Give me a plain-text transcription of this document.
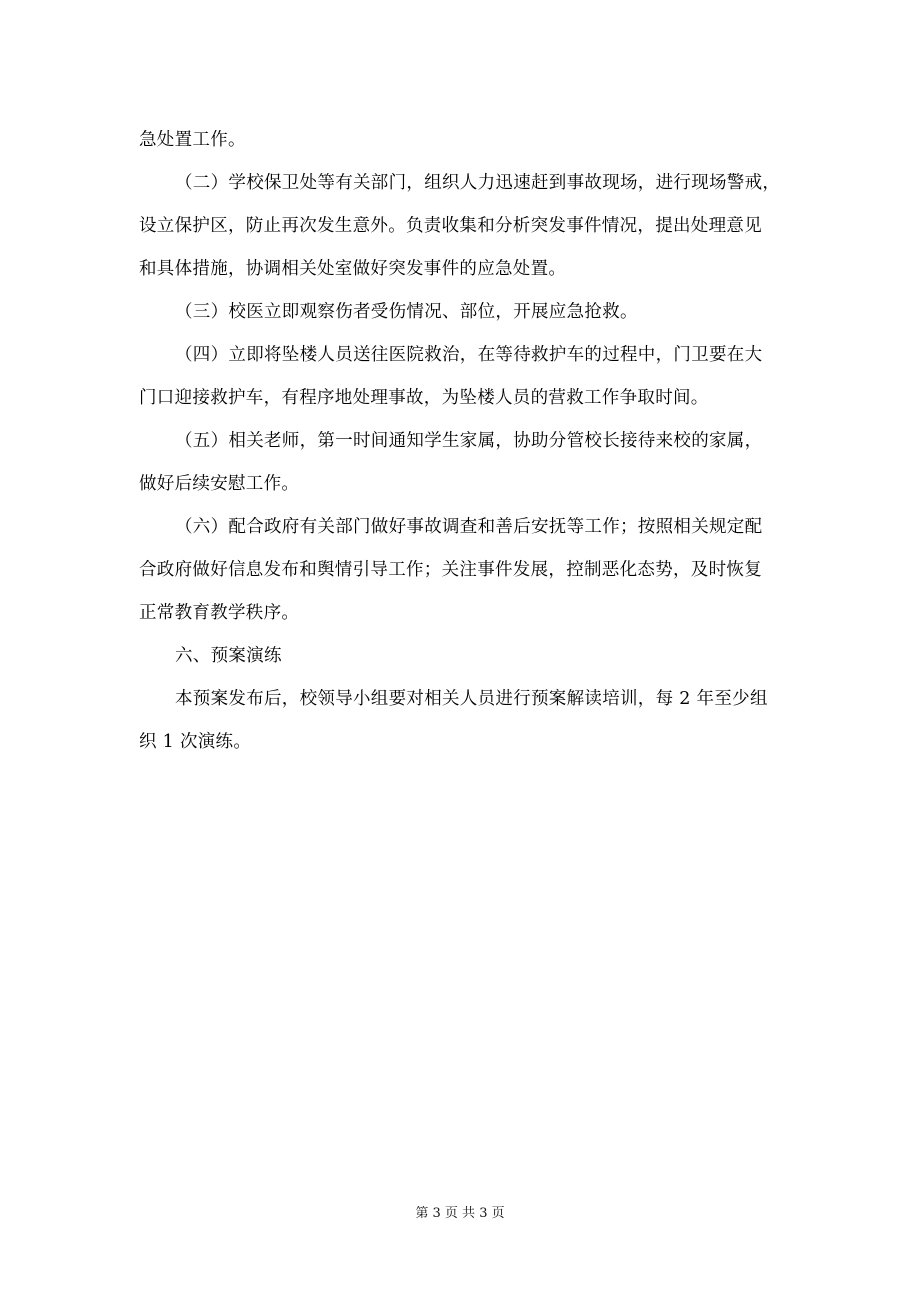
急处置工作。
（二）学校保卫处等有关部门，组织人力迅速赶到事故现场，进行现场警戒，
设立保护区，防止再次发生意外。负责收集和分析突发事件情况，提出处理意见
和具体措施，协调相关处室做好突发事件的应急处置。
（三）校医立即观察伤者受伤情况、部位，开展应急抢救。
（四）立即将坠楼人员送往医院救治，在等待救护车的过程中，门卫要在大
门口迎接救护车，有程序地处理事故，为坠楼人员的营救工作争取时间。
（五）相关老师，第一时间通知学生家属，协助分管校长接待来校的家属，
做好后续安慰工作。
（六）配合政府有关部门做好事故调查和善后安抚等工作；按照相关规定配
合政府做好信息发布和舆情引导工作；关注事件发展，控制恶化态势，及时恢复
正常教育教学秩序。
六、预案演练
本预案发布后，校领导小组要对相关人员进行预案解读培训，每 2 年至少组
织 1 次演练。
第 3 页 共 3 页
